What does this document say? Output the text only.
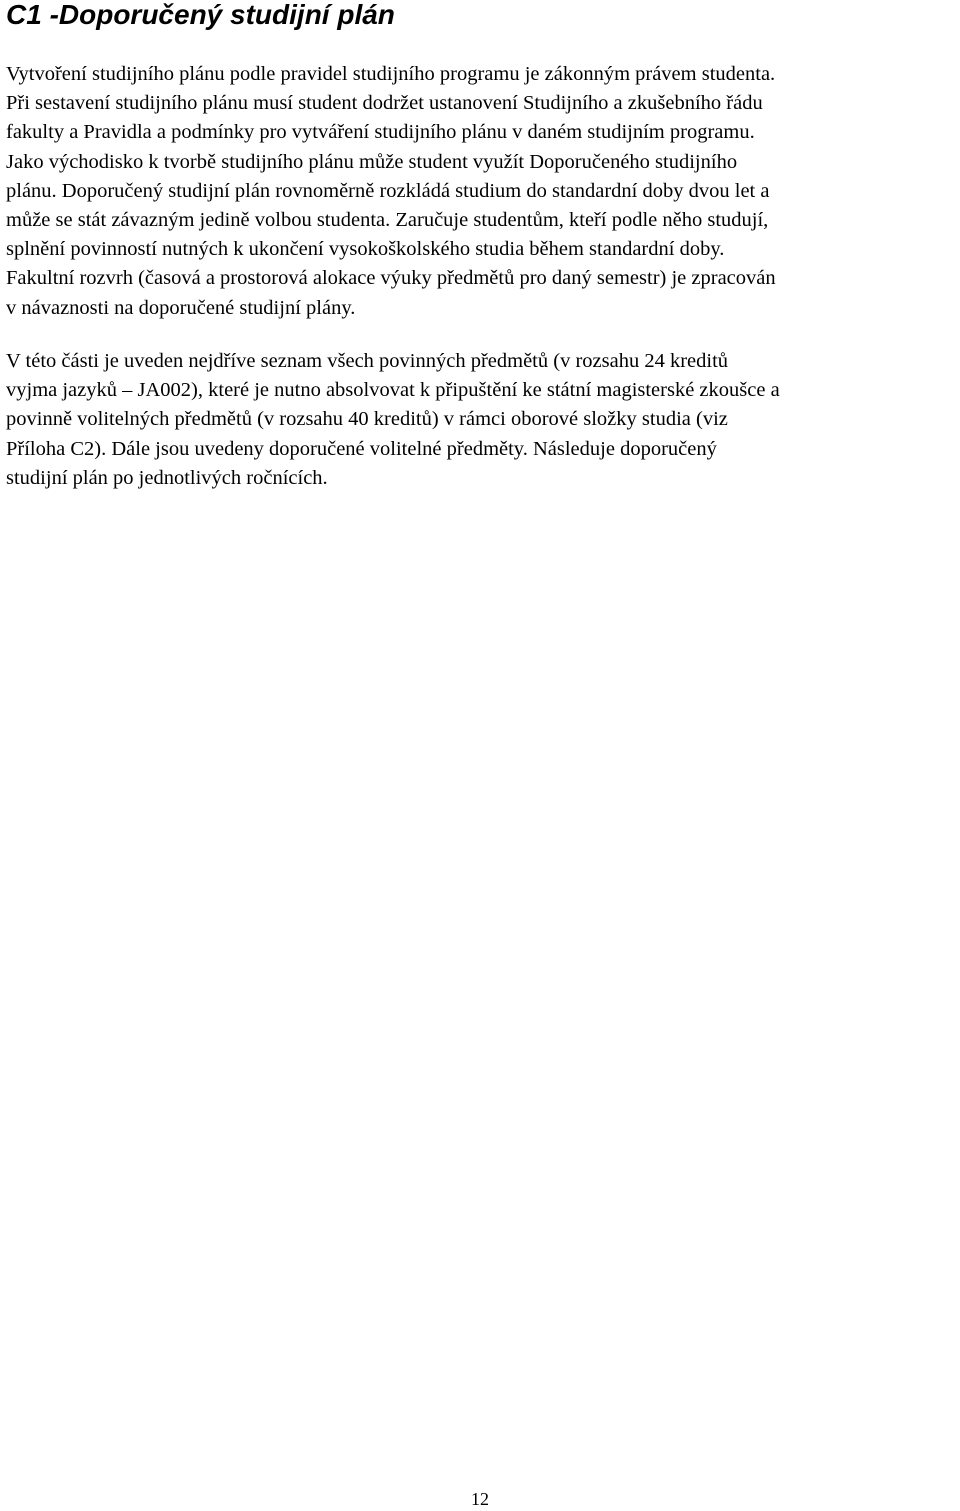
C1 -Doporučený studijní plán

Vytvoření studijního plánu podle pravidel studijního programu je zákonným právem studenta.
Při sestavení studijního plánu musí student dodržet ustanovení Studijního a zkušebního řádu
fakulty a Pravidla a podmínky pro vytváření studijního plánu v daném studijním programu.
Jako východisko k tvorbě studijního plánu může student využít Doporučeného studijního
plánu. Doporučený studijní plán rovnoměrně rozkládá studium do standardní doby dvou let a
může se stát závazným jedině volbou studenta. Zaručuje studentům, kteří podle něho studují,
splnění povinností nutných k ukončení vysokoškolského studia během standardní doby.
Fakultní rozvrh (časová a prostorová alokace výuky předmětů pro daný semestr) je zpracován
v návaznosti na doporučené studijní plány.

V této části je uveden nejdříve seznam všech povinných předmětů (v rozsahu 24 kreditů
vyjma jazyků – JA002), které je nutno absolvovat k připuštění ke státní magisterské zkoušce a
povinně volitelných předmětů (v rozsahu 40 kreditů) v rámci oborové složky studia (viz
Příloha C2). Dále jsou uvedeny doporučené volitelné předměty. Následuje doporučený
studijní plán po jednotlivých ročnících.

12
